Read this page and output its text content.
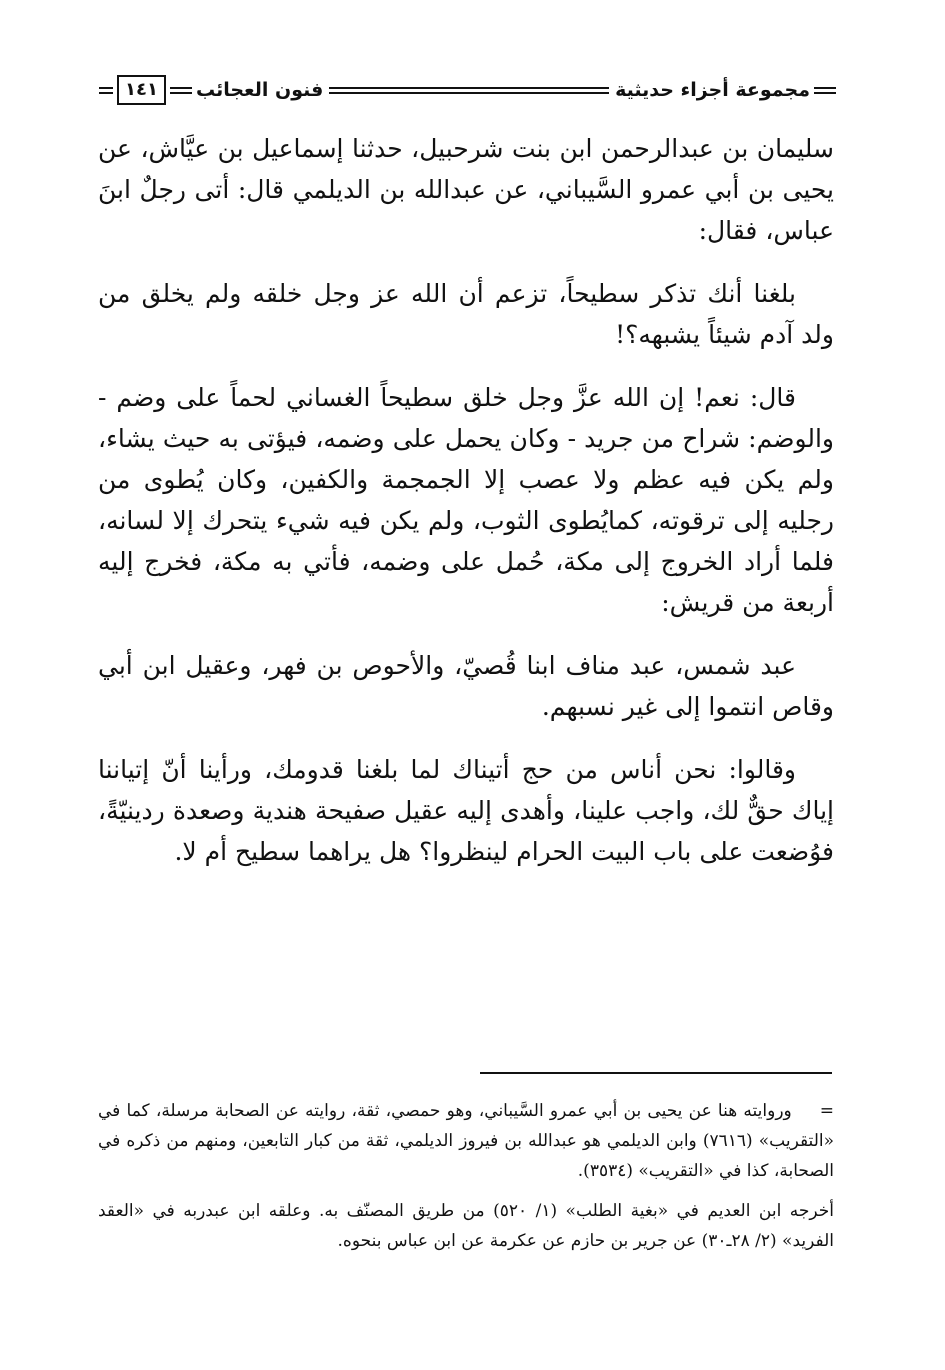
١٤١	فنون العجائب	مجموعة أجزاء حديثية

سليمان بن عبدالرحمن ابن بنت شرحبيل، حدثنا إسماعيل بن عيَّاش، عن يحيى بن أبي عمرو السَّيباني، عن عبدالله بن الديلمي قال: أتى رجلٌ ابنَ عباس، فقال:

بلغنا أنك تذكر سطيحاً، تزعم أن الله عز وجل خلقه ولم يخلق من ولد آدم شيئاً يشبهه؟!

قال: نعم! إن الله عزَّ وجل خلق سطيحاً الغساني لحماً على وضم - والوضم: شراح من جريد - وكان يحمل على وضمه، فيؤتى به حيث يشاء، ولم يكن فيه عظم ولا عصب إلا الجمجمة والكفين، وكان يُطوى من رجليه إلى ترقوته، كمايُطوى الثوب، ولم يكن فيه شيء يتحرك إلا لسانه، فلما أراد الخروج إلى مكة، حُمل على وضمه، فأتي به مكة، فخرج إليه أربعة من قريش:

عبد شمس، عبد مناف ابنا قُصيّ، والأحوص بن فهر، وعقيل ابن أبي وقاص انتموا إلى غير نسبهم.

وقالوا: نحن أناس من حج أتيناك لما بلغنا قدومك، ورأينا أنّ إتياننا إياك حقٌّ لك، واجب علينا، وأهدى إليه عقيل صفيحة هندية وصعدة ردينيّةً، فوُضعت على باب البيت الحرام لينظروا؟ هل يراهما سطيح أم لا.

=وروايته هنا عن يحيى بن أبي عمرو السَّيباني، وهو حمصي، ثقة، روايته عن الصحابة مرسلة، كما في «التقريب» (٧٦١٦) وابن الديلمي هو عبدالله بن فيروز الديلمي، ثقة من كبار التابعين، ومنهم من ذكره في الصحابة، كذا في «التقريب» (٣٥٣٤).

أخرجه ابن العديم في «بغية الطلب» (١/ ٥٢٠) من طريق المصنّف به. وعلقه ابن عبدربه في «العقد الفريد» (٢/ ٢٨ـ٣٠) عن جرير بن حازم عن عكرمة عن ابن عباس بنحوه.
